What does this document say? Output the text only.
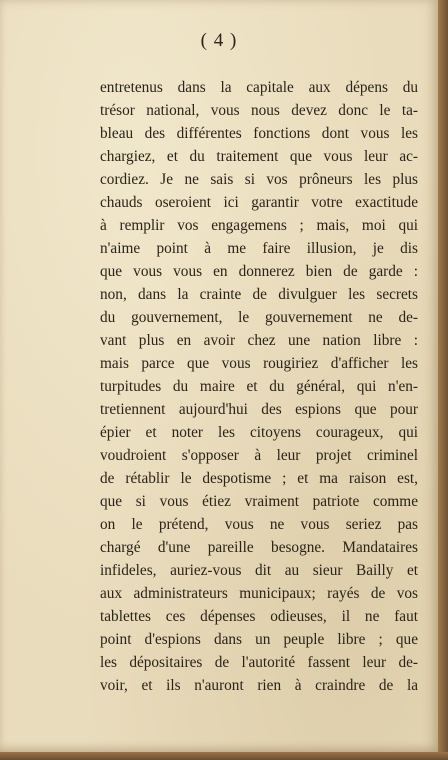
( 4 )
entretenus dans la capitale aux dépens du
trésor national, vous nous devez donc le ta-
bleau des différentes fonctions dont vous les
chargiez, et du traitement que vous leur ac-
cordiez. Je ne sais si vos prôneurs les plus
chauds oseroient ici garantir votre exactitude
à remplir vos engagemens ; mais, moi qui
n'aime point à me faire illusion, je dis
que vous vous en donnerez bien de garde :
non, dans la crainte de divulguer les secrets
du gouvernement, le gouvernement ne de-
vant plus en avoir chez une nation libre :
mais parce que vous rougiriez d'afficher les
turpitudes du maire et du général, qui n'en-
tretiennent aujourd'hui des espions que pour
épier et noter les citoyens courageux, qui
voudroient s'opposer à leur projet criminel
de rétablir le despotisme ; et ma raison est,
que si vous étiez vraiment patriote comme
on le prétend, vous ne vous seriez pas
chargé d'une pareille besogne. Mandataires
infideles, auriez-vous dit au sieur Bailly et
aux administrateurs municipaux; rayés de vos
tablettes ces dépenses odieuses, il ne faut
point d'espions dans un peuple libre ; que
les dépositaires de l'autorité fassent leur de-
voir, et ils n'auront rien à craindre de la
